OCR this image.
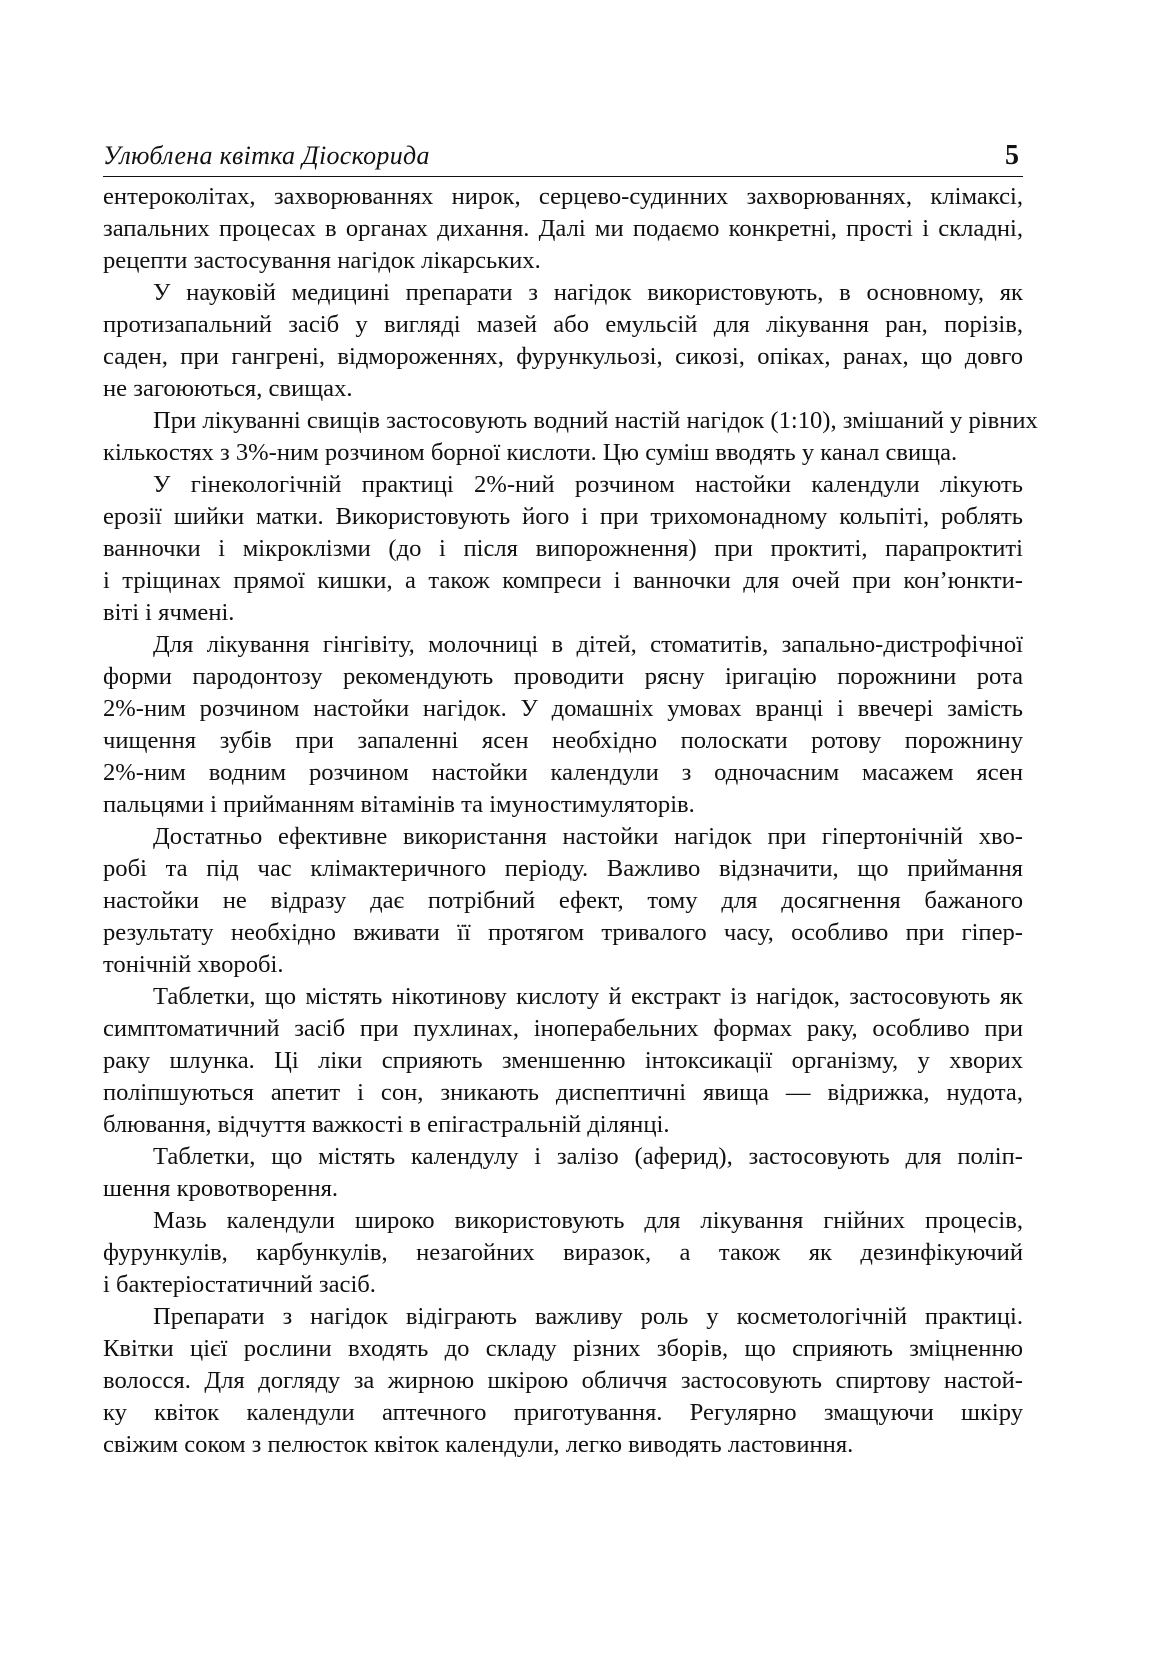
Улюблена квітка Діоскорида	5

ентероколітах, захворюваннях нирок, серцево-судинних захворюваннях, клімаксі,
запальних процесах в органах дихання. Далі ми подаємо конкретні, прості і складні,
рецепти застосування нагідок лікарських.

У науковій медицині препарати з нагідок використовують, в основному, як
протизапальний засіб у вигляді мазей або емульсій для лікування ран, порізів,
саден, при гангрені, відмороженнях, фурункульозі, сикозі, опіках, ранах, що довго
не загоюються, свищах.

При лікуванні свищів застосовують водний настій нагідок (1:10), змішаний у рівних
кількостях з 3%-ним розчином борної кислоти. Цю суміш вводять у канал свища.

У гінекологічній практиці 2%-ний розчином настойки календули лікують
ерозії шийки матки. Використовують його і при трихомонадному кольпіті, роблять
ванночки і мікроклізми (до і після випорожнення) при проктиті, парапроктиті
і тріщинах прямої кишки, а також компреси і ванночки для очей при кон’юнкти-
віті і ячмені.

Для лікування гінгівіту, молочниці в дітей, стоматитів, запально-дистрофічної
форми пародонтозу рекомендують проводити рясну іригацію порожнини рота
2%-ним розчином настойки нагідок. У домашніх умовах вранці і ввечері замість
чищення зубів при запаленні ясен необхідно полоскати ротову порожнину
2%-ним водним розчином настойки календули з одночасним масажем ясен
пальцями і прийманням вітамінів та імуностимуляторів.

Достатньо ефективне використання настойки нагідок при гіпертонічній хво-
робі та під час клімактеричного періоду. Важливо відзначити, що приймання
настойки не відразу дає потрібний ефект, тому для досягнення бажаного
результату необхідно вживати її протягом тривалого часу, особливо при гіпер-
тонічній хворобі.

Таблетки, що містять нікотинову кислоту й екстракт із нагідок, застосовують як
симптоматичний засіб при пухлинах, іноперабельних формах раку, особливо при
раку шлунка. Ці ліки сприяють зменшенню інтоксикації організму, у хворих
поліпшуються апетит і сон, зникають диспептичні явища — відрижка, нудота,
блювання, відчуття важкості в епігастральній ділянці.

Таблетки, що містять календулу і залізо (аферид), застосовують для поліп-
шення кровотворення.

Мазь календули широко використовують для лікування гнійних процесів,
фурункулів, карбункулів, незагойних виразок, а також як дезинфікуючий
і бактеріостатичний засіб.

Препарати з нагідок відіграють важливу роль у косметологічній практиці.
Квітки цієї рослини входять до складу різних зборів, що сприяють зміцненню
волосся. Для догляду за жирною шкірою обличчя застосовують спиртову настой-
ку квіток календули аптечного приготування. Регулярно змащуючи шкіру
свіжим соком з пелюсток квіток календули, легко виводять ластовиння.
